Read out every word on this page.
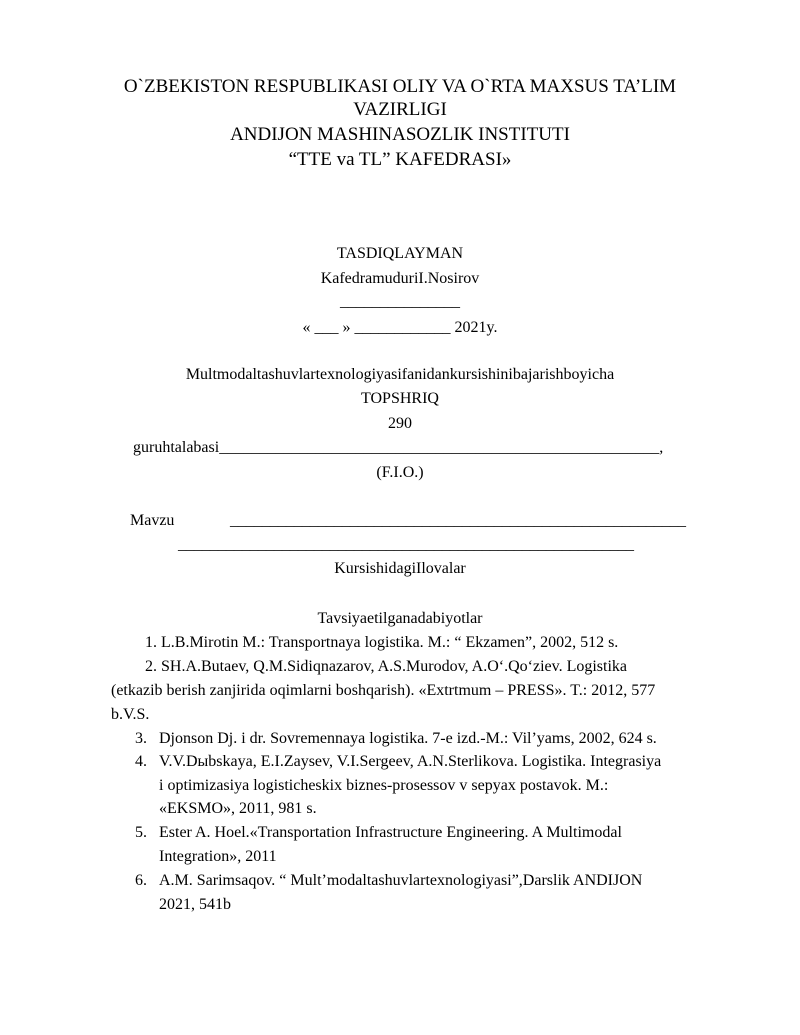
O`ZBEKISTON RESPUBLIKASI OLIY VA O`RTA MAXSUS TA’LIM
VAZIRLIGI
ANDIJON MASHINASOZLIK INSTITUTI
“TTE va TL” KAFEDRASI»
TASDIQLAYMAN
KafedramuduriI.Nosirov
_______________
« ___ » ____________ 2021y.
Multmodaltashuvlartexnologiyasifanidankursishinibajarishboyicha
TOPSHRIQ
290
guruhtalabasi_______________________________________________________,
(F.I.O.)
Mavzu	_________________________________________________________
_________________________________________________________
KursishidagiIlovalar
Tavsiyaetilganadabiyotlar
1. L.B.Mirotin M.: Transportnaya logistika. M.: “ Ekzamen”, 2002, 512 s.
2. SH.A.Butaev, Q.M.Sidiqnazarov, A.S.Murodov, A.O‘.Qo‘ziev. Logistika
(etkazib berish zanjirida oqimlarni boshqarish). «Extrtmum – PRESS». T.: 2012, 577
b.V.S.
3. Djonson Dj. i dr. Sovremennaya logistika. 7-e izd.-M.: Vil’yams, 2002, 624 s.
4. V.V.Dыbskaya, E.I.Zaysev, V.I.Sergeev, A.N.Sterlikova. Logistika. Integrasiya
i optimizasiya logisticheskix biznes-prosessov v sepyax postavok. M.:
«EKSMO», 2011, 981 s.
5. Ester A. Hoel.«Transportation Infrastructure Engineering. A Multimodal
Integration», 2011
6. A.M. Sarimsaqov. “ Mult’modaltashuvlartexnologiyasi”,Darslik ANDIJON
2021, 541b
